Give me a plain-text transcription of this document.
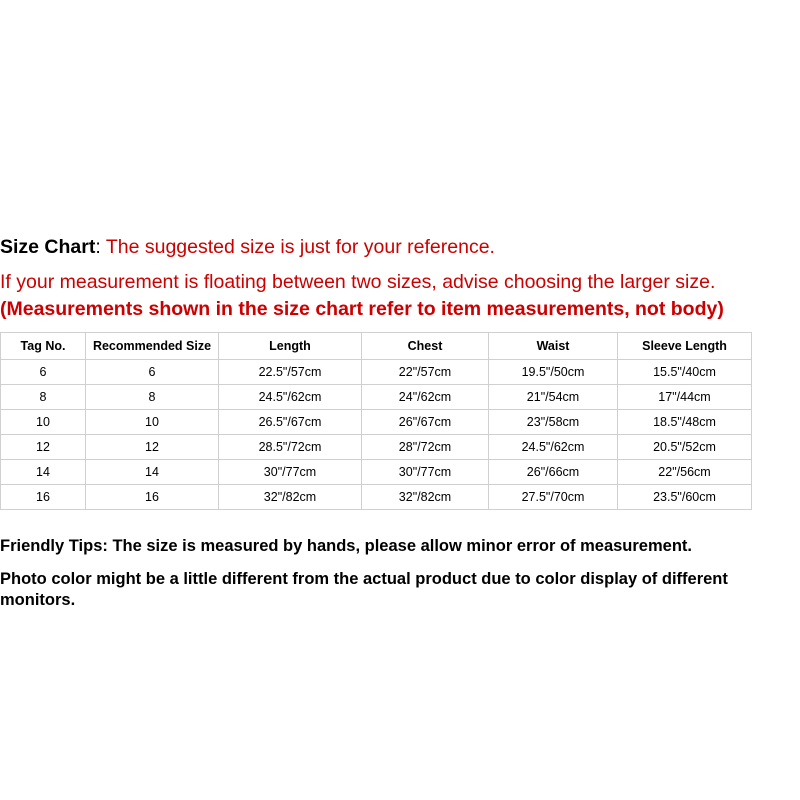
Size Chart: The suggested size is just for your reference.
If your measurement is floating between two sizes, advise choosing the larger size.
(Measurements shown in the size chart refer to item measurements, not body)
Tag No.	Recommended Size	Length	Chest	Waist	Sleeve Length
6	6	22.5"/57cm	22"/57cm	19.5"/50cm	15.5"/40cm
8	8	24.5"/62cm	24"/62cm	21"/54cm	17"/44cm
10	10	26.5"/67cm	26"/67cm	23"/58cm	18.5"/48cm
12	12	28.5"/72cm	28"/72cm	24.5"/62cm	20.5"/52cm
14	14	30"/77cm	30"/77cm	26"/66cm	22"/56cm
16	16	32"/82cm	32"/82cm	27.5"/70cm	23.5"/60cm

Friendly Tips: The size is measured by hands, please allow minor error of measurement.

Photo color might be a little different from the actual product due to color display of different monitors.
